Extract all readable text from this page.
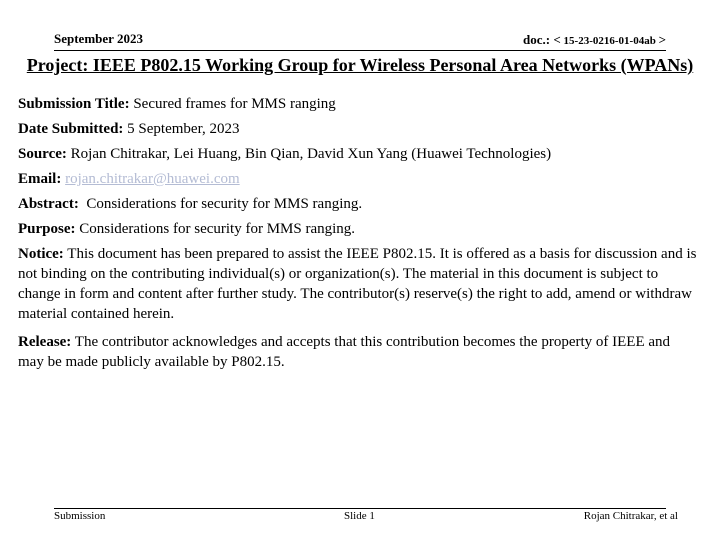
September 2023	doc.: < 15-23-0216-01-04ab >
Project: IEEE P802.15 Working Group for Wireless Personal Area Networks (WPANs)

Submission Title: Secured frames for MMS ranging

Date Submitted: 5 September, 2023

Source: Rojan Chitrakar, Lei Huang, Bin Qian, David Xun Yang (Huawei Technologies)

Email: rojan.chitrakar@huawei.com

Abstract: Considerations for security for MMS ranging.

Purpose: Considerations for security for MMS ranging.

Notice: This document has been prepared to assist the IEEE P802.15. It is offered as a basis for discussion and is not binding on the contributing individual(s) or organization(s). The material in this document is subject to change in form and content after further study. The contributor(s) reserve(s) the right to add, amend or withdraw material contained herein.

Release: The contributor acknowledges and accepts that this contribution becomes the property of IEEE and may be made publicly available by P802.15.

Submission	Slide 1	Rojan Chitrakar, et al
